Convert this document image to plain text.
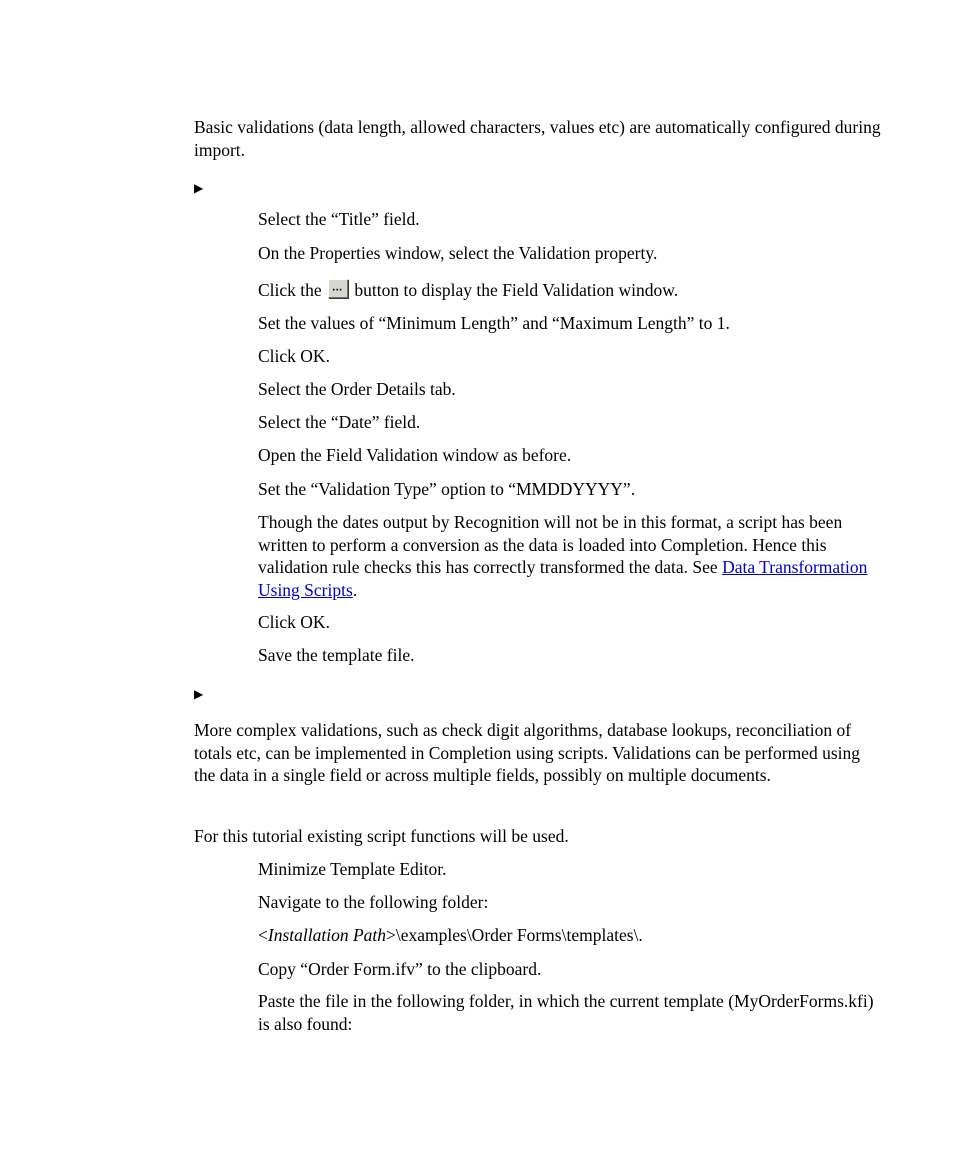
Basic validations (data length, allowed characters, values etc) are automatically configured during import.

▶

Select the “Title” field.

On the Properties window, select the Validation property.

Click the ··· button to display the Field Validation window.

Set the values of “Minimum Length” and “Maximum Length” to 1.

Click OK.

Select the Order Details tab.

Select the “Date” field.

Open the Field Validation window as before.

Set the “Validation Type” option to “MMDDYYYY”.

Though the dates output by Recognition will not be in this format, a script has been written to perform a conversion as the data is loaded into Completion. Hence this validation rule checks this has correctly transformed the data. See Data Transformation Using Scripts.

Click OK.

Save the template file.

▶

More complex validations, such as check digit algorithms, database lookups, reconciliation of totals etc, can be implemented in Completion using scripts. Validations can be performed using the data in a single field or across multiple fields, possibly on multiple documents.

For this tutorial existing script functions will be used.

Minimize Template Editor.

Navigate to the following folder:

<Installation Path>\examples\Order Forms\templates\.

Copy “Order Form.ifv” to the clipboard.

Paste the file in the following folder, in which the current template (MyOrderForms.kfi) is also found:
